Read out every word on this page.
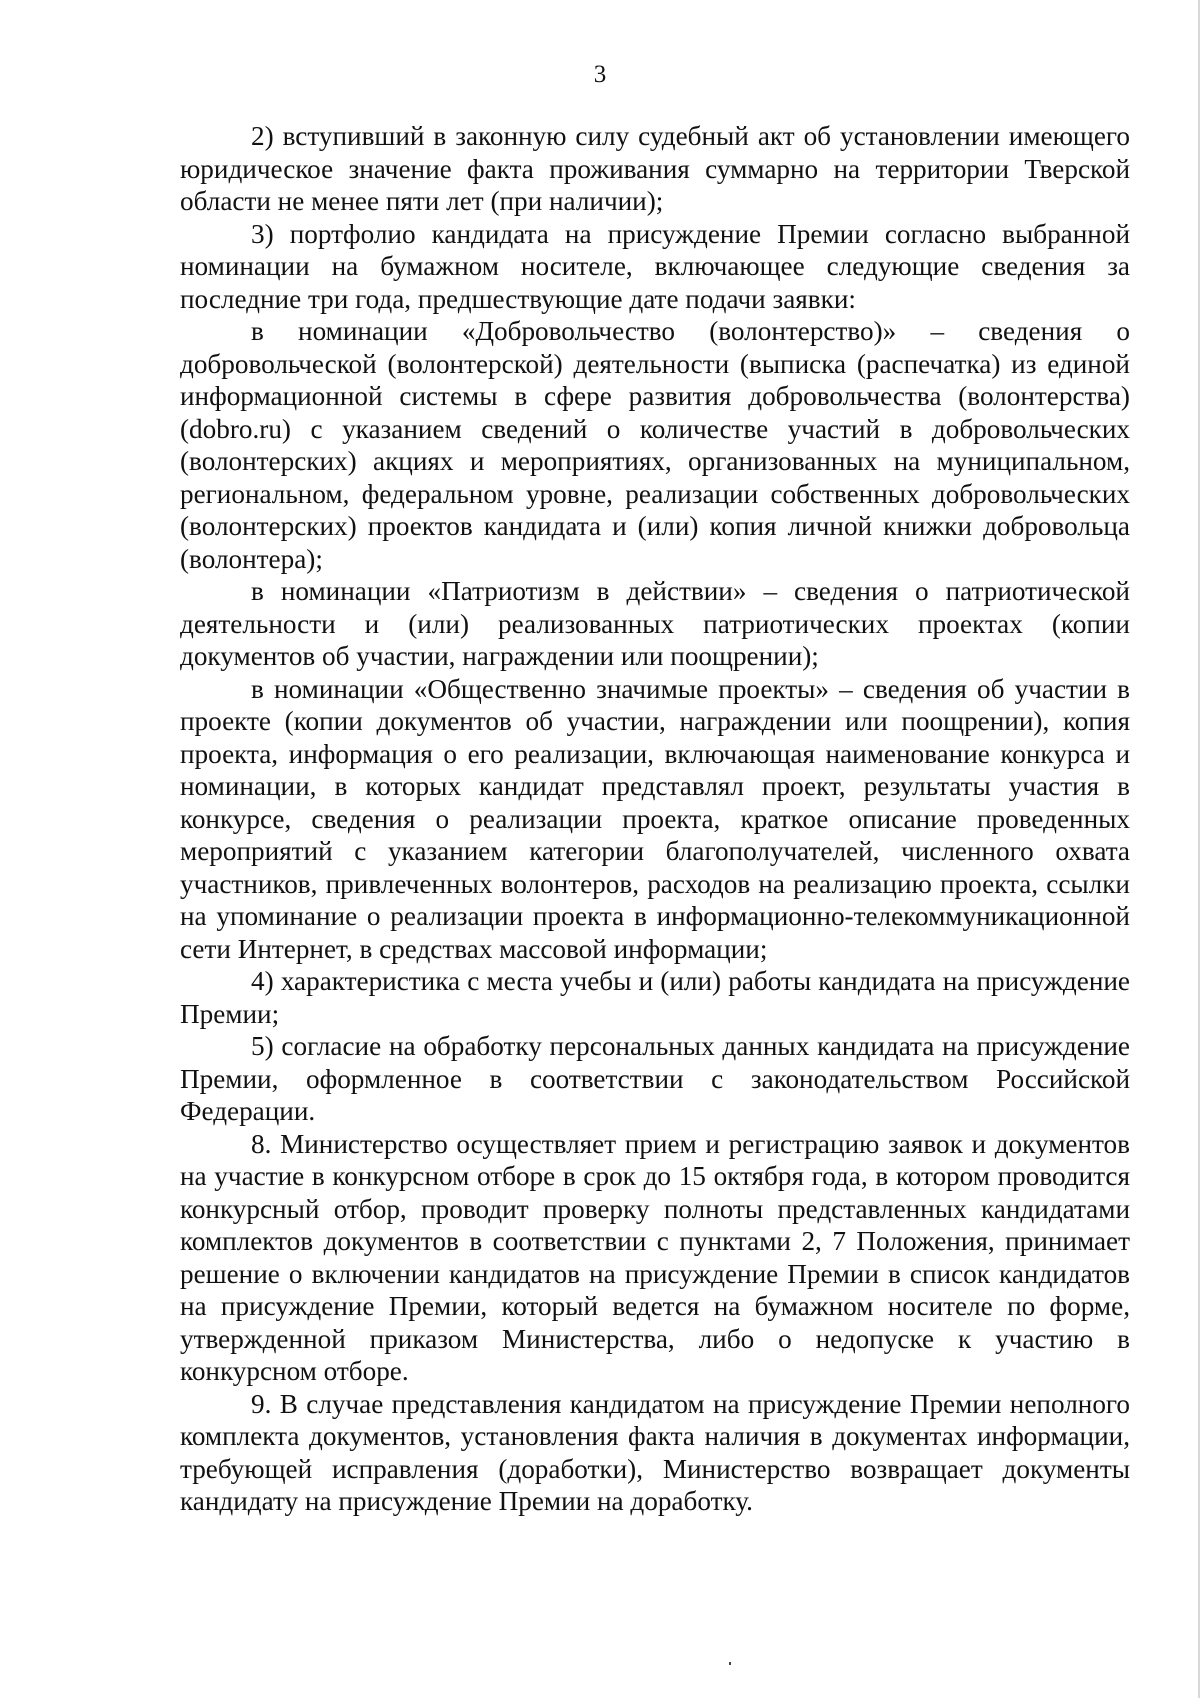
3

2) вступивший в законную силу судебный акт об установлении имеющего юридическое значение факта проживания суммарно на территории Тверской области не менее пяти лет (при наличии);

3) портфолио кандидата на присуждение Премии согласно выбранной номинации на бумажном носителе, включающее следующие сведения за последние три года, предшествующие дате подачи заявки:

в номинации «Добровольчество (волонтерство)» – сведения о добровольческой (волонтерской) деятельности (выписка (распечатка) из единой информационной системы в сфере развития добровольчества (волонтерства) (dobro.ru) с указанием сведений о количестве участий в добровольческих (волонтерских) акциях и мероприятиях, организованных на муниципальном, региональном, федеральном уровне, реализации собственных добровольческих (волонтерских) проектов кандидата и (или) копия личной книжки добровольца (волонтера);

в номинации «Патриотизм в действии» – сведения о патриотической деятельности и (или) реализованных патриотических проектах (копии документов об участии, награждении или поощрении);

в номинации «Общественно значимые проекты» – сведения об участии в проекте (копии документов об участии, награждении или поощрении), копия проекта, информация о его реализации, включающая наименование конкурса и номинации, в которых кандидат представлял проект, результаты участия в конкурсе, сведения о реализации проекта, краткое описание проведенных мероприятий с указанием категории благополучателей, численного охвата участников, привлеченных волонтеров, расходов на реализацию проекта, ссылки на упоминание о реализации проекта в информационно-телекоммуникационной сети Интернет, в средствах массовой информации;

4) характеристика с места учебы и (или) работы кандидата на присуждение Премии;

5) согласие на обработку персональных данных кандидата на присуждение Премии, оформленное в соответствии с законодательством Российской Федерации.

8. Министерство осуществляет прием и регистрацию заявок и документов на участие в конкурсном отборе в срок до 15 октября года, в котором проводится конкурсный отбор, проводит проверку полноты представленных кандидатами комплектов документов в соответствии с пунктами 2, 7 Положения, принимает решение о включении кандидатов на присуждение Премии в список кандидатов на присуждение Премии, который ведется на бумажном носителе по форме, утвержденной приказом Министерства, либо о недопуске к участию в конкурсном отборе.

9. В случае представления кандидатом на присуждение Премии неполного комплекта документов, установления факта наличия в документах информации, требующей исправления (доработки), Министерство возвращает документы кандидату на присуждение Премии на доработку.
